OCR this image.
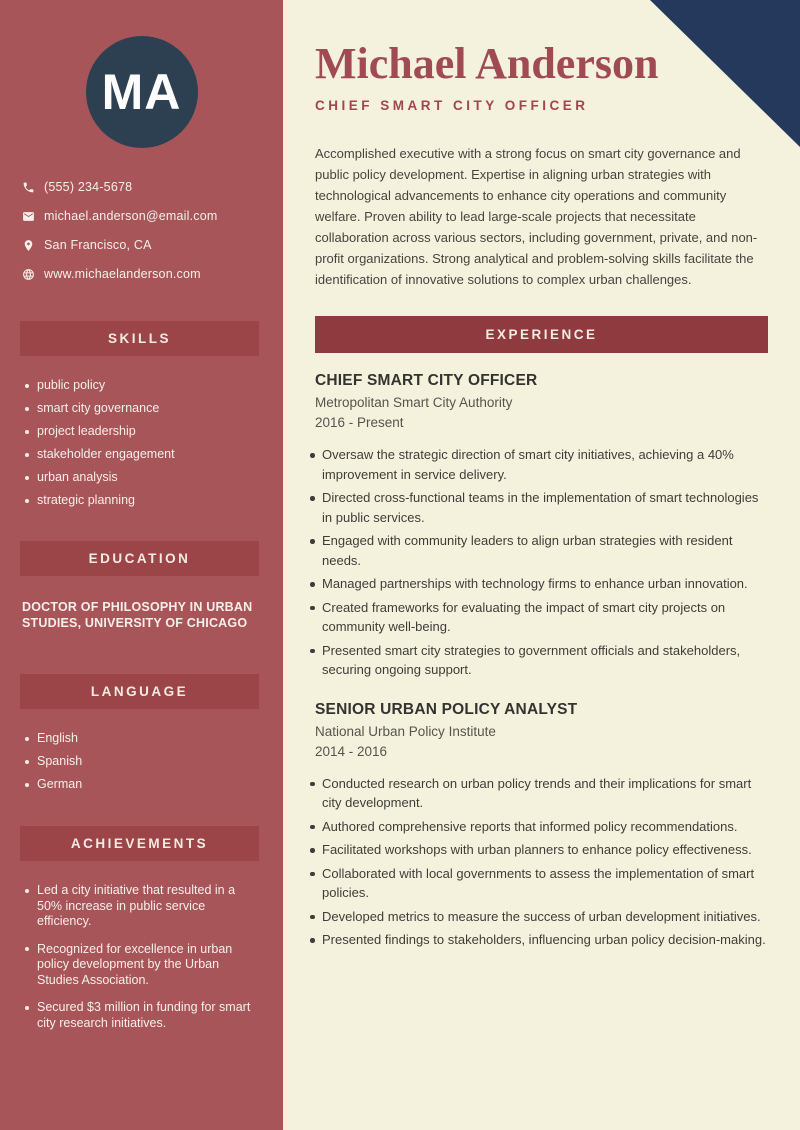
MA
(555) 234-5678
michael.anderson@email.com
San Francisco, CA
www.michaelanderson.com
SKILLS
public policy
smart city governance
project leadership
stakeholder engagement
urban analysis
strategic planning
EDUCATION

DOCTOR OF PHILOSOPHY IN URBAN STUDIES, UNIVERSITY OF CHICAGO

LANGUAGE
English
Spanish
German
ACHIEVEMENTS
Led a city initiative that resulted in a 50% increase in public service efficiency.
Recognized for excellence in urban policy development by the Urban Studies Association.
Secured $3 million in funding for smart city research initiatives.
Michael Anderson
CHIEF SMART CITY OFFICER

Accomplished executive with a strong focus on smart city governance and public policy development. Expertise in aligning urban strategies with technological advancements to enhance city operations and community welfare. Proven ability to lead large-scale projects that necessitate collaboration across various sectors, including government, private, and non-profit organizations. Strong analytical and problem-solving skills facilitate the identification of innovative solutions to complex urban challenges.

EXPERIENCE
CHIEF SMART CITY OFFICER
Metropolitan Smart City Authority
2016 - Present
Oversaw the strategic direction of smart city initiatives, achieving a 40% improvement in service delivery.
Directed cross-functional teams in the implementation of smart technologies in public services.
Engaged with community leaders to align urban strategies with resident needs.
Managed partnerships with technology firms to enhance urban innovation.
Created frameworks for evaluating the impact of smart city projects on community well-being.
Presented smart city strategies to government officials and stakeholders, securing ongoing support.
SENIOR URBAN POLICY ANALYST
National Urban Policy Institute
2014 - 2016
Conducted research on urban policy trends and their implications for smart city development.
Authored comprehensive reports that informed policy recommendations.
Facilitated workshops with urban planners to enhance policy effectiveness.
Collaborated with local governments to assess the implementation of smart policies.
Developed metrics to measure the success of urban development initiatives.
Presented findings to stakeholders, influencing urban policy decision-making.
